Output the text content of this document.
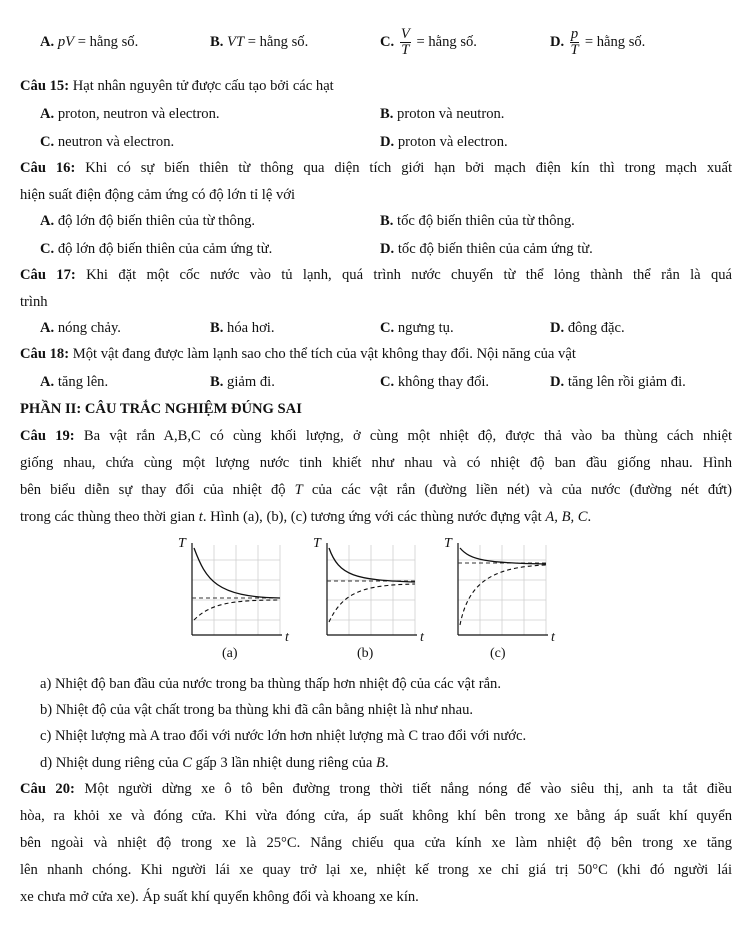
A. pV = hằng số.	B. VT = hằng số.	C. $\frac{V}{T}$ = hằng số.	D. $\frac{p}{T}$ = hằng số.
Câu 15: Hạt nhân nguyên tử được cấu tạo bởi các hạt
A. proton, neutron và electron.	B. proton và neutron.
C. neutron và electron.	D. proton và electron.
Câu 16: Khi có sự biến thiên từ thông qua diện tích giới hạn bởi mạch điện kín thì trong mạch xuất
hiện suất điện động cảm ứng có độ lớn tỉ lệ với
A. độ lớn độ biến thiên của từ thông.	B. tốc độ biến thiên của từ thông.
C. độ lớn độ biến thiên của cảm ứng từ.	D. tốc độ biến thiên của cảm ứng từ.
Câu 17: Khi đặt một cốc nước vào tủ lạnh, quá trình nước chuyển từ thể lỏng thành thể rắn là quá
trình
A. nóng chảy.	B. hóa hơi.	C. ngưng tụ.	D. đông đặc.
Câu 18: Một vật đang được làm lạnh sao cho thể tích của vật không thay đổi. Nội năng của vật
A. tăng lên.	B. giảm đi.	C. không thay đổi.	D. tăng lên rồi giảm đi.
PHẦN II: CÂU TRẮC NGHIỆM ĐÚNG SAI
Câu 19: Ba vật rắn A,B,C có cùng khối lượng, ở cùng một nhiệt độ, được thả vào ba thùng cách nhiệt
giống nhau, chứa cùng một lượng nước tinh khiết như nhau và có nhiệt độ ban đầu giống nhau. Hình
bên biểu diễn sự thay đổi của nhiệt độ T của các vật rắn (đường liền nét) và của nước (đường nét đứt)
trong các thùng theo thời gian t. Hình (a), (b), (c) tương ứng với các thùng nước đựng vật A, B, C.
T
t
(a)
T
t
(b)
T
t
(c)
a) Nhiệt độ ban đầu của nước trong ba thùng thấp hơn nhiệt độ của các vật rắn.
b) Nhiệt độ của vật chất trong ba thùng khi đã cân bằng nhiệt là như nhau.
c) Nhiệt lượng mà A trao đổi với nước lớn hơn nhiệt lượng mà C trao đổi với nước.
d) Nhiệt dung riêng của C gấp 3 lần nhiệt dung riêng của B.
Câu 20: Một người dừng xe ô tô bên đường trong thời tiết nắng nóng để vào siêu thị, anh ta tắt điều
hòa, ra khỏi xe và đóng cửa. Khi vừa đóng cửa, áp suất không khí bên trong xe bằng áp suất khí quyển
bên ngoài và nhiệt độ trong xe là 25°C. Nắng chiếu qua cửa kính xe làm nhiệt độ bên trong xe tăng
lên nhanh chóng. Khi người lái xe quay trở lại xe, nhiệt kế trong xe chỉ giá trị 50°C (khi đó người lái
xe chưa mở cửa xe). Áp suất khí quyển không đổi và khoang xe kín.
